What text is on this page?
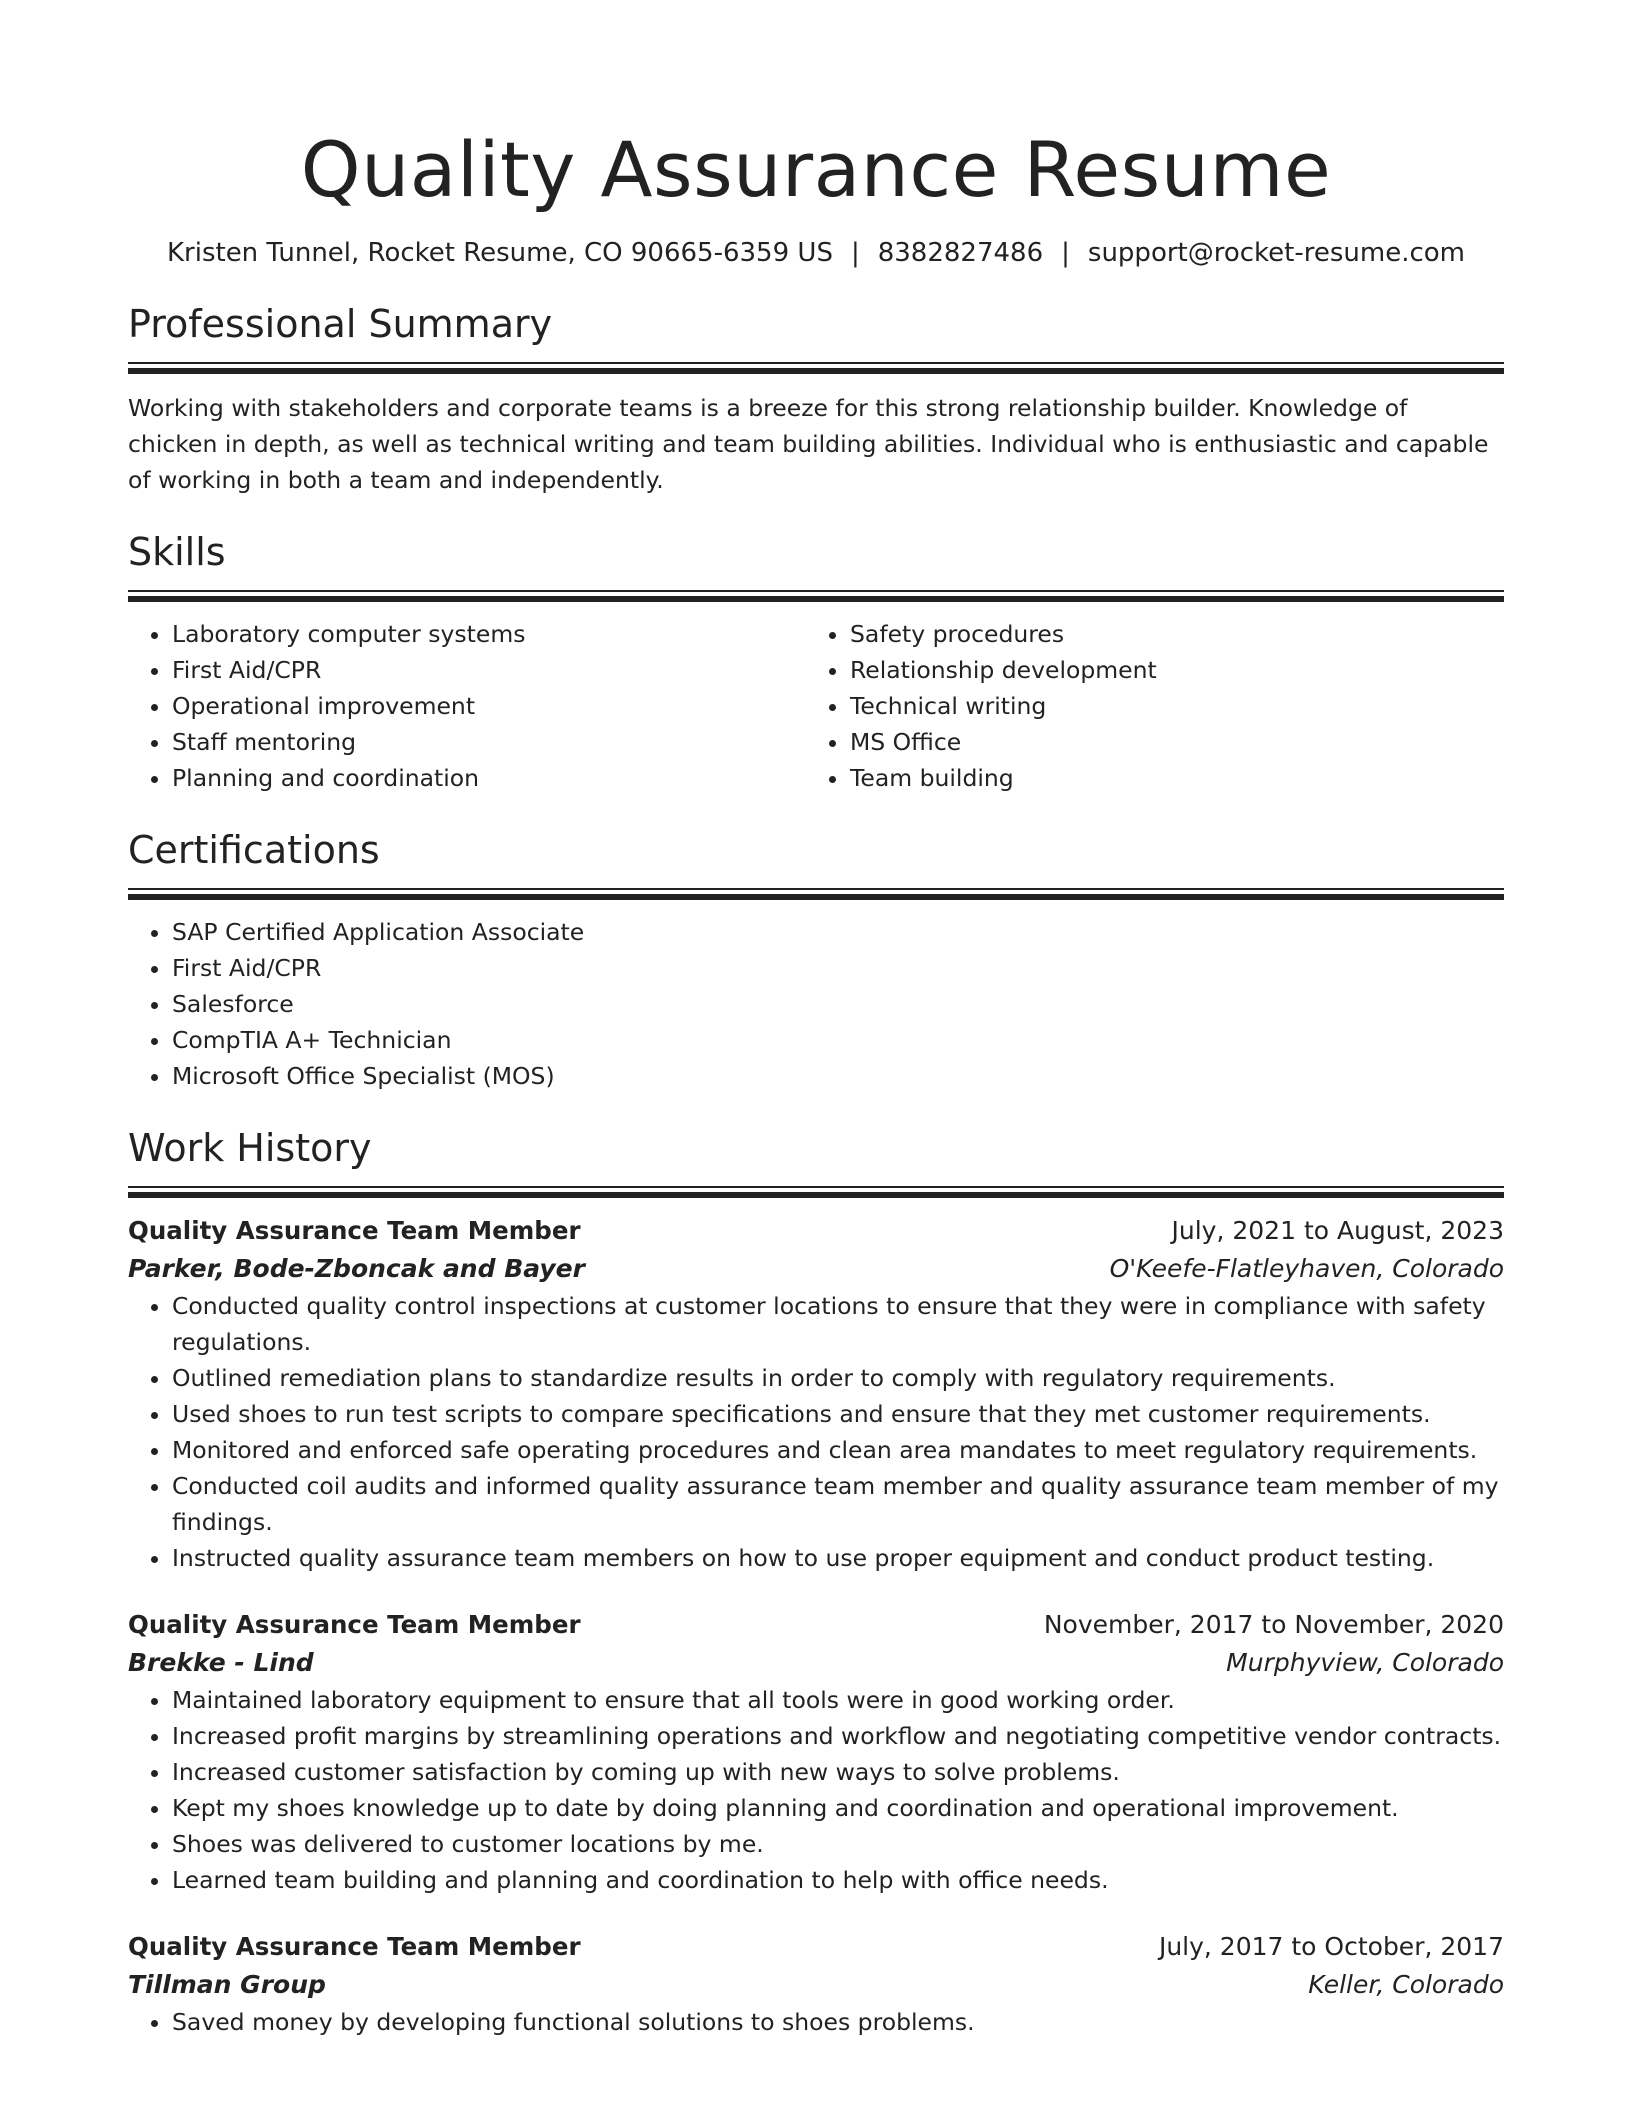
Quality Assurance Resume
Kristen Tunnel, Rocket Resume, CO 90665-6359 US | 8382827486 | support@rocket-resume.com
Professional Summary
Working with stakeholders and corporate teams is a breeze for this strong relationship builder. Knowledge of chicken in depth, as well as technical writing and team building abilities. Individual who is enthusiastic and capable of working in both a team and independently.
Skills
• Laboratory computer systems
• First Aid/CPR
• Operational improvement
• Staff mentoring
• Planning and coordination
• Safety procedures
• Relationship development
• Technical writing
• MS Office
• Team building
Certifications
• SAP Certified Application Associate
• First Aid/CPR
• Salesforce
• CompTIA A+ Technician
• Microsoft Office Specialist (MOS)
Work History
Quality Assurance Team Member	July, 2021 to August, 2023
Parker, Bode-Zboncak and Bayer	O'Keefe-Flatleyhaven, Colorado
• Conducted quality control inspections at customer locations to ensure that they were in compliance with safety regulations.
• Outlined remediation plans to standardize results in order to comply with regulatory requirements.
• Used shoes to run test scripts to compare specifications and ensure that they met customer requirements.
• Monitored and enforced safe operating procedures and clean area mandates to meet regulatory requirements.
• Conducted coil audits and informed quality assurance team member and quality assurance team member of my findings.
• Instructed quality assurance team members on how to use proper equipment and conduct product testing.
Quality Assurance Team Member	November, 2017 to November, 2020
Brekke - Lind	Murphyview, Colorado
• Maintained laboratory equipment to ensure that all tools were in good working order.
• Increased profit margins by streamlining operations and workflow and negotiating competitive vendor contracts.
• Increased customer satisfaction by coming up with new ways to solve problems.
• Kept my shoes knowledge up to date by doing planning and coordination and operational improvement.
• Shoes was delivered to customer locations by me.
• Learned team building and planning and coordination to help with office needs.
Quality Assurance Team Member	July, 2017 to October, 2017
Tillman Group	Keller, Colorado
• Saved money by developing functional solutions to shoes problems.
